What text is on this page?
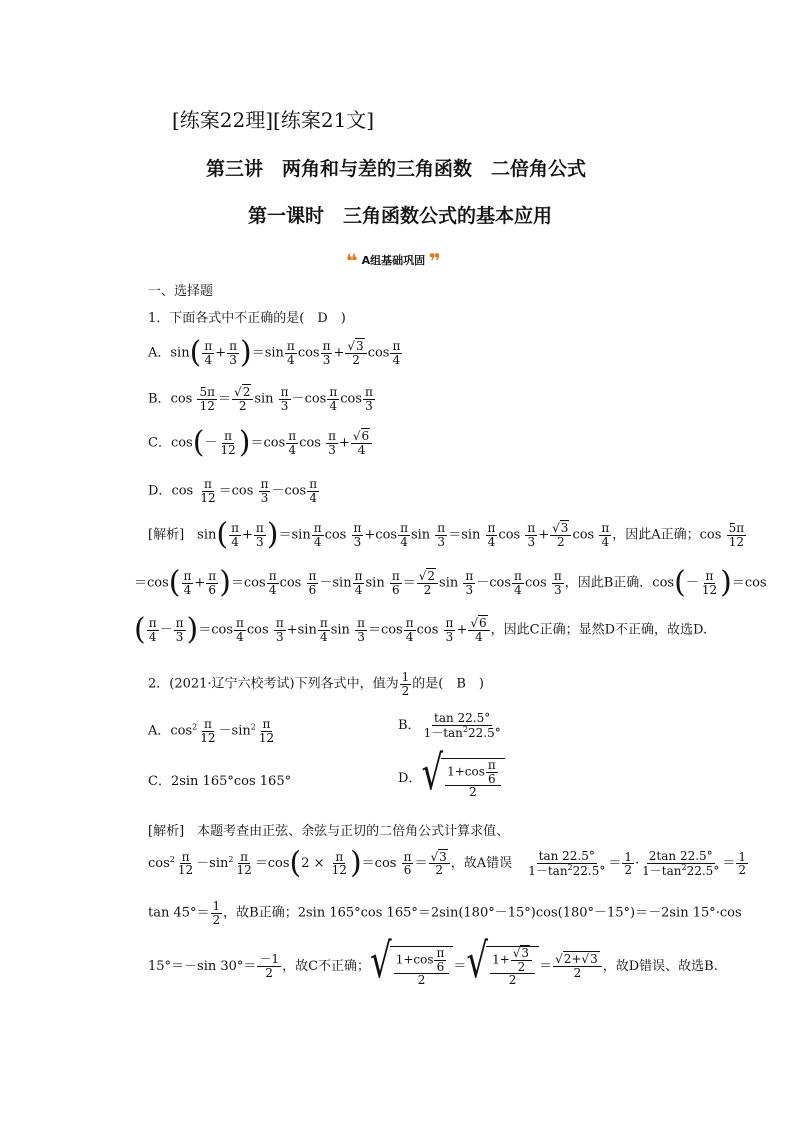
[练案22理][练案21文]
第三讲　两角和与差的三角函数　二倍角公式
第一课时　三角函数公式的基本应用
❝ A组基础巩固 ❞
一、选择题
1．下面各式中不正确的是(　D　)
A．$\sin( \frac{\pi}{4} + \frac{\pi}{3} )=\sin \frac{\pi}{4}$ $\cos \frac{\pi}{3} + \frac{√3}{2}$ $\cos \frac{\pi}{4}$
B．$\cos \frac{5\pi}{12} = \frac{√2}{2}$ $\sin \frac{\pi}{3} -\cos \frac{\pi}{4}$ $\cos \frac{\pi}{3}$
C．$\cos(- \frac{\pi}{12} )=\cos \frac{\pi}{4}$ $\cos \frac{\pi}{3} + \frac{√6}{4}$
D．$\cos \frac{\pi}{12} =\cos \frac{\pi}{3} -\cos \frac{\pi}{4}$
[解析]　$\sin( \frac{\pi}{4} + \frac{\pi}{3} )=\sin \frac{\pi}{4}$ $\cos \frac{\pi}{3} +\cos \frac{\pi}{4}$ $\sin \frac{\pi}{3} =\sin \frac{\pi}{4}$ $\cos \frac{\pi}{3} + \frac{√3}{2}$ $\cos \frac{\pi}{4}$ ，因此A正确；$\cos \frac{5\pi}{12}$
$=\cos( \frac{\pi}{4} + \frac{\pi}{6} )=\cos \frac{\pi}{4}$ $\cos \frac{\pi}{6} -\sin \frac{\pi}{4}$ $\sin \frac{\pi}{6} = \frac{√2}{2}$ $\sin \frac{\pi}{3} -\cos \frac{\pi}{4}$ $\cos \frac{\pi}{3}$ ，因此B正确．$\cos(- \frac{\pi}{12} )=\cos$
( $\frac{\pi}{4} - \frac{\pi}{3} )=\cos \frac{\pi}{4}$ $\cos \frac{\pi}{3} +\sin \frac{\pi}{4}$ $\sin \frac{\pi}{3} =\cos \frac{\pi}{4}$ $\cos \frac{\pi}{3} + \frac{√6}{4}$ ，因此C正确；显然D不正确，故选D.
2．(2021·辽宁六校考试)下列各式中，值为 $\frac{1}{2}$ 的是(　B　)
A．$\cos^2 \frac{\pi}{12} -\sin^2 \frac{\pi}{12}$	B． $\frac{\tan 22.5^\circ}{1-\tan^222.5^\circ}$
C．2sin 165°cos 165°	D． √ $\frac{1+\cos \frac{\pi}{6}}{2}$
[解析]　 本题考查由正弦、余弦与正切的二倍角公式计算求值、
$\cos^2 \frac{\pi}{12} -\sin^2 \frac{\pi}{12} =\cos(2 \times \frac{\pi}{12} )=\cos \frac{\pi}{6} = \frac{√3}{2}$ ，故A错误　 $\frac{\tan 22.5^\circ}{1-\tan^222.5^\circ} = \frac{1}{2} \cdot \frac{2\tan 22.5^\circ}{1-\tan^222.5^\circ} = \frac{1}{2}$
$\tan 45^\circ= \frac{1}{2}$ ，故B正确；2sin 165°cos 165°＝2sin(180°－15°)cos(180°－15°)＝－2sin 15°·cos
15°＝－sin $30^\circ= \frac{-1}{2}$ ，故C不正确； √ $\frac{1+\cos \frac{\pi}{6}}{2}$ ＝ √ $\frac{1+ \frac{√3}{2}}{2} = \frac{√2+√3}{2}$ ，故D错误、故选B.
